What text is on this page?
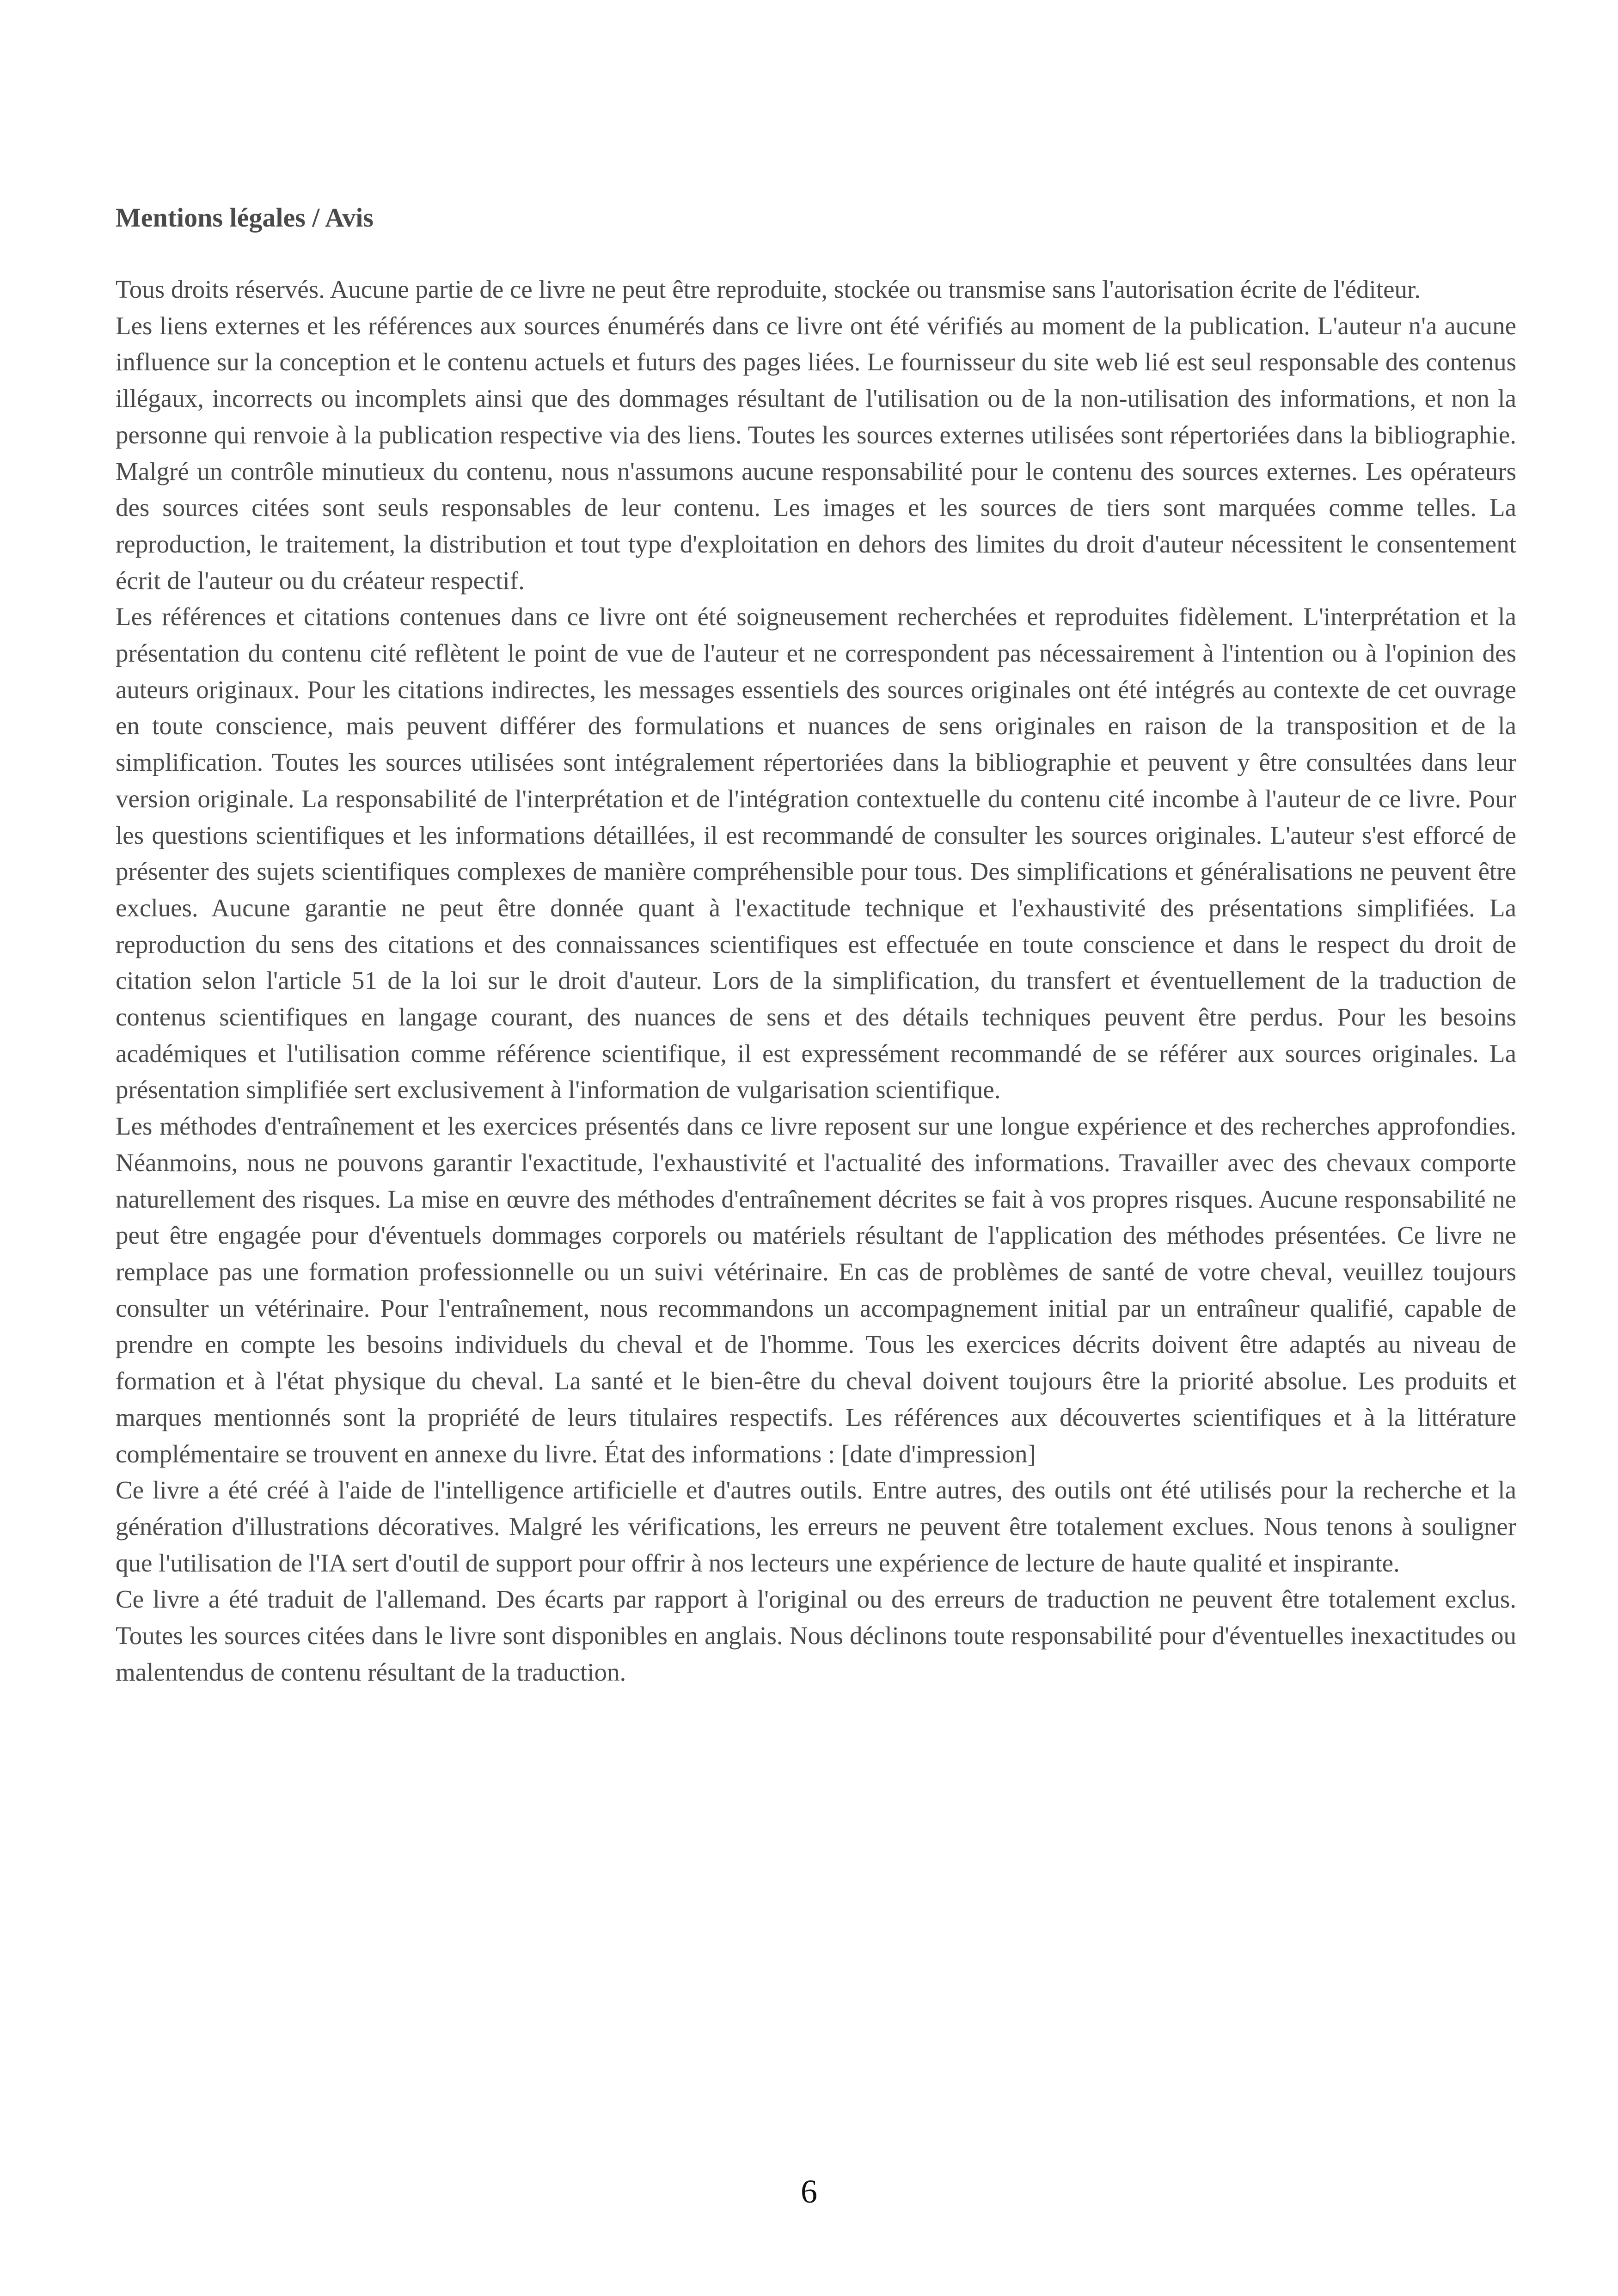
Mentions légales / Avis

Tous droits réservés. Aucune partie de ce livre ne peut être reproduite, stockée ou transmise sans l'autorisation écrite de l'éditeur.

Les liens externes et les références aux sources énumérés dans ce livre ont été vérifiés au moment de la publication. L'auteur n'a aucune influence sur la conception et le contenu actuels et futurs des pages liées. Le fournisseur du site web lié est seul responsable des contenus illégaux, incorrects ou incomplets ainsi que des dommages résultant de l'utilisation ou de la non-utilisation des informations, et non la personne qui renvoie à la publication respective via des liens. Toutes les sources externes utilisées sont répertoriées dans la bibliographie. Malgré un contrôle minutieux du contenu, nous n'assumons aucune responsabilité pour le contenu des sources externes. Les opérateurs des sources citées sont seuls responsables de leur contenu. Les images et les sources de tiers sont marquées comme telles. La reproduction, le traitement, la distribution et tout type d'exploitation en dehors des limites du droit d'auteur nécessitent le consentement écrit de l'auteur ou du créateur respectif.

Les références et citations contenues dans ce livre ont été soigneusement recherchées et reproduites fidèlement. L'interprétation et la présentation du contenu cité reflètent le point de vue de l'auteur et ne correspondent pas nécessairement à l'intention ou à l'opinion des auteurs originaux. Pour les citations indirectes, les messages essentiels des sources originales ont été intégrés au contexte de cet ouvrage en toute conscience, mais peuvent différer des formulations et nuances de sens originales en raison de la transposition et de la simplification. Toutes les sources utilisées sont intégralement répertoriées dans la bibliographie et peuvent y être consultées dans leur version originale. La responsabilité de l'interprétation et de l'intégration contextuelle du contenu cité incombe à l'auteur de ce livre. Pour les questions scientifiques et les informations détaillées, il est recommandé de consulter les sources originales. L'auteur s'est efforcé de présenter des sujets scientifiques complexes de manière compréhensible pour tous. Des simplifications et généralisations ne peuvent être exclues. Aucune garantie ne peut être donnée quant à l'exactitude technique et l'exhaustivité des présentations simplifiées. La reproduction du sens des citations et des connaissances scientifiques est effectuée en toute conscience et dans le respect du droit de citation selon l'article 51 de la loi sur le droit d'auteur. Lors de la simplification, du transfert et éventuellement de la traduction de contenus scientifiques en langage courant, des nuances de sens et des détails techniques peuvent être perdus. Pour les besoins académiques et l'utilisation comme référence scientifique, il est expressément recommandé de se référer aux sources originales. La présentation simplifiée sert exclusivement à l'information de vulgarisation scientifique.

Les méthodes d'entraînement et les exercices présentés dans ce livre reposent sur une longue expérience et des recherches approfondies. Néanmoins, nous ne pouvons garantir l'exactitude, l'exhaustivité et l'actualité des informations. Travailler avec des chevaux comporte naturellement des risques. La mise en œuvre des méthodes d'entraînement décrites se fait à vos propres risques. Aucune responsabilité ne peut être engagée pour d'éventuels dommages corporels ou matériels résultant de l'application des méthodes présentées. Ce livre ne remplace pas une formation professionnelle ou un suivi vétérinaire. En cas de problèmes de santé de votre cheval, veuillez toujours consulter un vétérinaire. Pour l'entraînement, nous recommandons un accompagnement initial par un entraîneur qualifié, capable de prendre en compte les besoins individuels du cheval et de l'homme. Tous les exercices décrits doivent être adaptés au niveau de formation et à l'état physique du cheval. La santé et le bien-être du cheval doivent toujours être la priorité absolue. Les produits et marques mentionnés sont la propriété de leurs titulaires respectifs. Les références aux découvertes scientifiques et à la littérature complémentaire se trouvent en annexe du livre. État des informations : [date d'impression]

Ce livre a été créé à l'aide de l'intelligence artificielle et d'autres outils. Entre autres, des outils ont été utilisés pour la recherche et la génération d'illustrations décoratives. Malgré les vérifications, les erreurs ne peuvent être totalement exclues. Nous tenons à souligner que l'utilisation de l'IA sert d'outil de support pour offrir à nos lecteurs une expérience de lecture de haute qualité et inspirante.

Ce livre a été traduit de l'allemand. Des écarts par rapport à l'original ou des erreurs de traduction ne peuvent être totalement exclus. Toutes les sources citées dans le livre sont disponibles en anglais. Nous déclinons toute responsabilité pour d'éventuelles inexactitudes ou malentendus de contenu résultant de la traduction.

6
